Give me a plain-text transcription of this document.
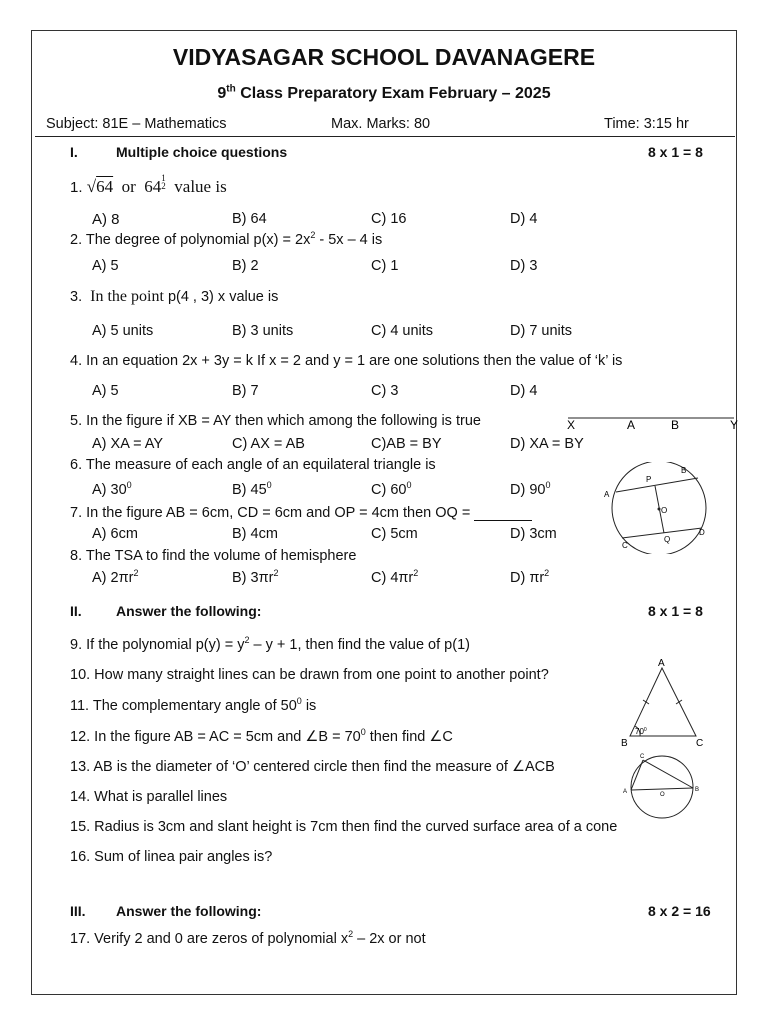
VIDYASAGAR SCHOOL DAVANAGERE
9th Class Preparatory Exam February – 2025
Subject: 81E – Mathematics	Max. Marks: 80	Time: 3:15 hr
I.	Multiple choice questions	8 x 1 = 8
1. √64 or 641
2 value is
A) 8	B) 64	C) 16	D) 4
2. The degree of polynomial $p(x) = 2x^2 - 5x - 4$ is
A) 5	B) 2	C) 1	D) 3
3. In the point p(4 , 3) x value is
A) 5 units	B) 3 units	C) 4 units	D) 7 units
4. In an equation 2x + 3y = k If x = 2 and y = 1 are one solutions then the value of ‘k’ is
A) 5	B) 7	C) 3	D) 4
5. In the figure if XB = AY then which among the following is true	X	A	B	Y
A) XA = AY	C) AX = AB	C)AB = BY	D) XA = BY
6. The measure of each angle of an equilateral triangle is
A) $30^0$	B) $45^0$	C) $60^0$	D) $90^0$
A
B
P
O
C
D
Q
7. In the figure AB = 6cm, CD = 6cm and OP = 4cm then OQ =
A) 6cm	B) 4cm	C) 5cm	D) 3cm
8. The TSA to find the volume of hemisphere
A) $2\pi r^2$	B) $3\pi r^2$	C) $4\pi r^2$	D) $\pi r^2$
II. Answer the following:	8 x 1 = 8
9. If the polynomial $p(y) = y^2 - y + 1$, then find the value of p(1)
10. How many straight lines can be drawn from one point to another point?
11. The complementary angle of $50^0$ is
12. In the figure AB = AC = 5cm and ∠B = $70^0$ then find ∠C
13. AB is the diameter of ‘O’ centered circle then find the measure of ∠ACB
14. What is parallel lines
15. Radius is 3cm and slant height is 7cm then find the curved surface area of a cone
16. Sum of linea pair angles is?
A
B	C
$70^0$
C
A	O
B
III. Answer the following:	8 x 2 = 16
17. Verify 2 and 0 are zeros of polynomial $x^2 - 2x$ or not
